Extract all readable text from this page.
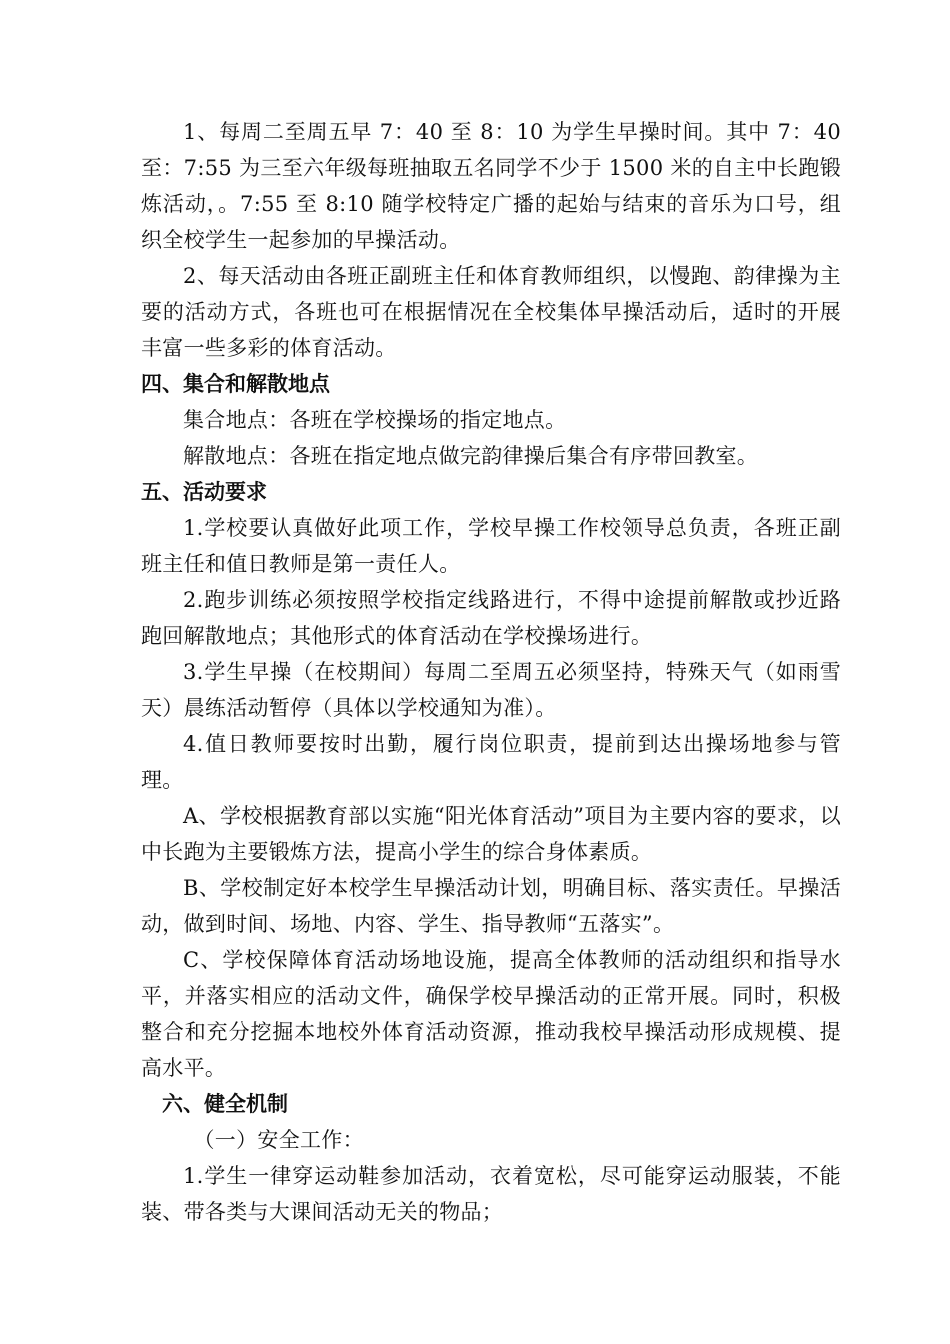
1、每周二至周五早 7：40 至 8：10 为学生早操时间。其中 7：40 至：7:55 为三至六年级每班抽取五名同学不少于 1500 米的自主中长跑锻炼活动，。7:55 至 8:10 随学校特定广播的起始与结束的音乐为口号，组织全校学生一起参加的早操活动。

2、每天活动由各班正副班主任和体育教师组织，以慢跑、韵律操为主要的活动方式，各班也可在根据情况在全校集体早操活动后，适时的开展丰富一些多彩的体育活动。

四、集合和解散地点

集合地点：各班在学校操场的指定地点。

解散地点：各班在指定地点做完韵律操后集合有序带回教室。

五、活动要求

1.学校要认真做好此项工作，学校早操工作校领导总负责，各班正副班主任和值日教师是第一责任人。

2.跑步训练必须按照学校指定线路进行，不得中途提前解散或抄近路跑回解散地点；其他形式的体育活动在学校操场进行。

3.学生早操（在校期间）每周二至周五必须坚持，特殊天气（如雨雪天）晨练活动暂停（具体以学校通知为准）。

4.值日教师要按时出勤，履行岗位职责，提前到达出操场地参与管理。

A、学校根据教育部以实施“阳光体育活动”项目为主要内容的要求，以中长跑为主要锻炼方法，提高小学生的综合身体素质。

B、学校制定好本校学生早操活动计划，明确目标、落实责任。早操活动，做到时间、场地、内容、学生、指导教师“五落实”。

C、学校保障体育活动场地设施，提高全体教师的活动组织和指导水平，并落实相应的活动文件，确保学校早操活动的正常开展。同时，积极整合和充分挖掘本地校外体育活动资源，推动我校早操活动形成规模、提高水平。

六、健全机制

（一）安全工作：

1.学生一律穿运动鞋参加活动，衣着宽松，尽可能穿运动服装，不能装、带各类与大课间活动无关的物品；
